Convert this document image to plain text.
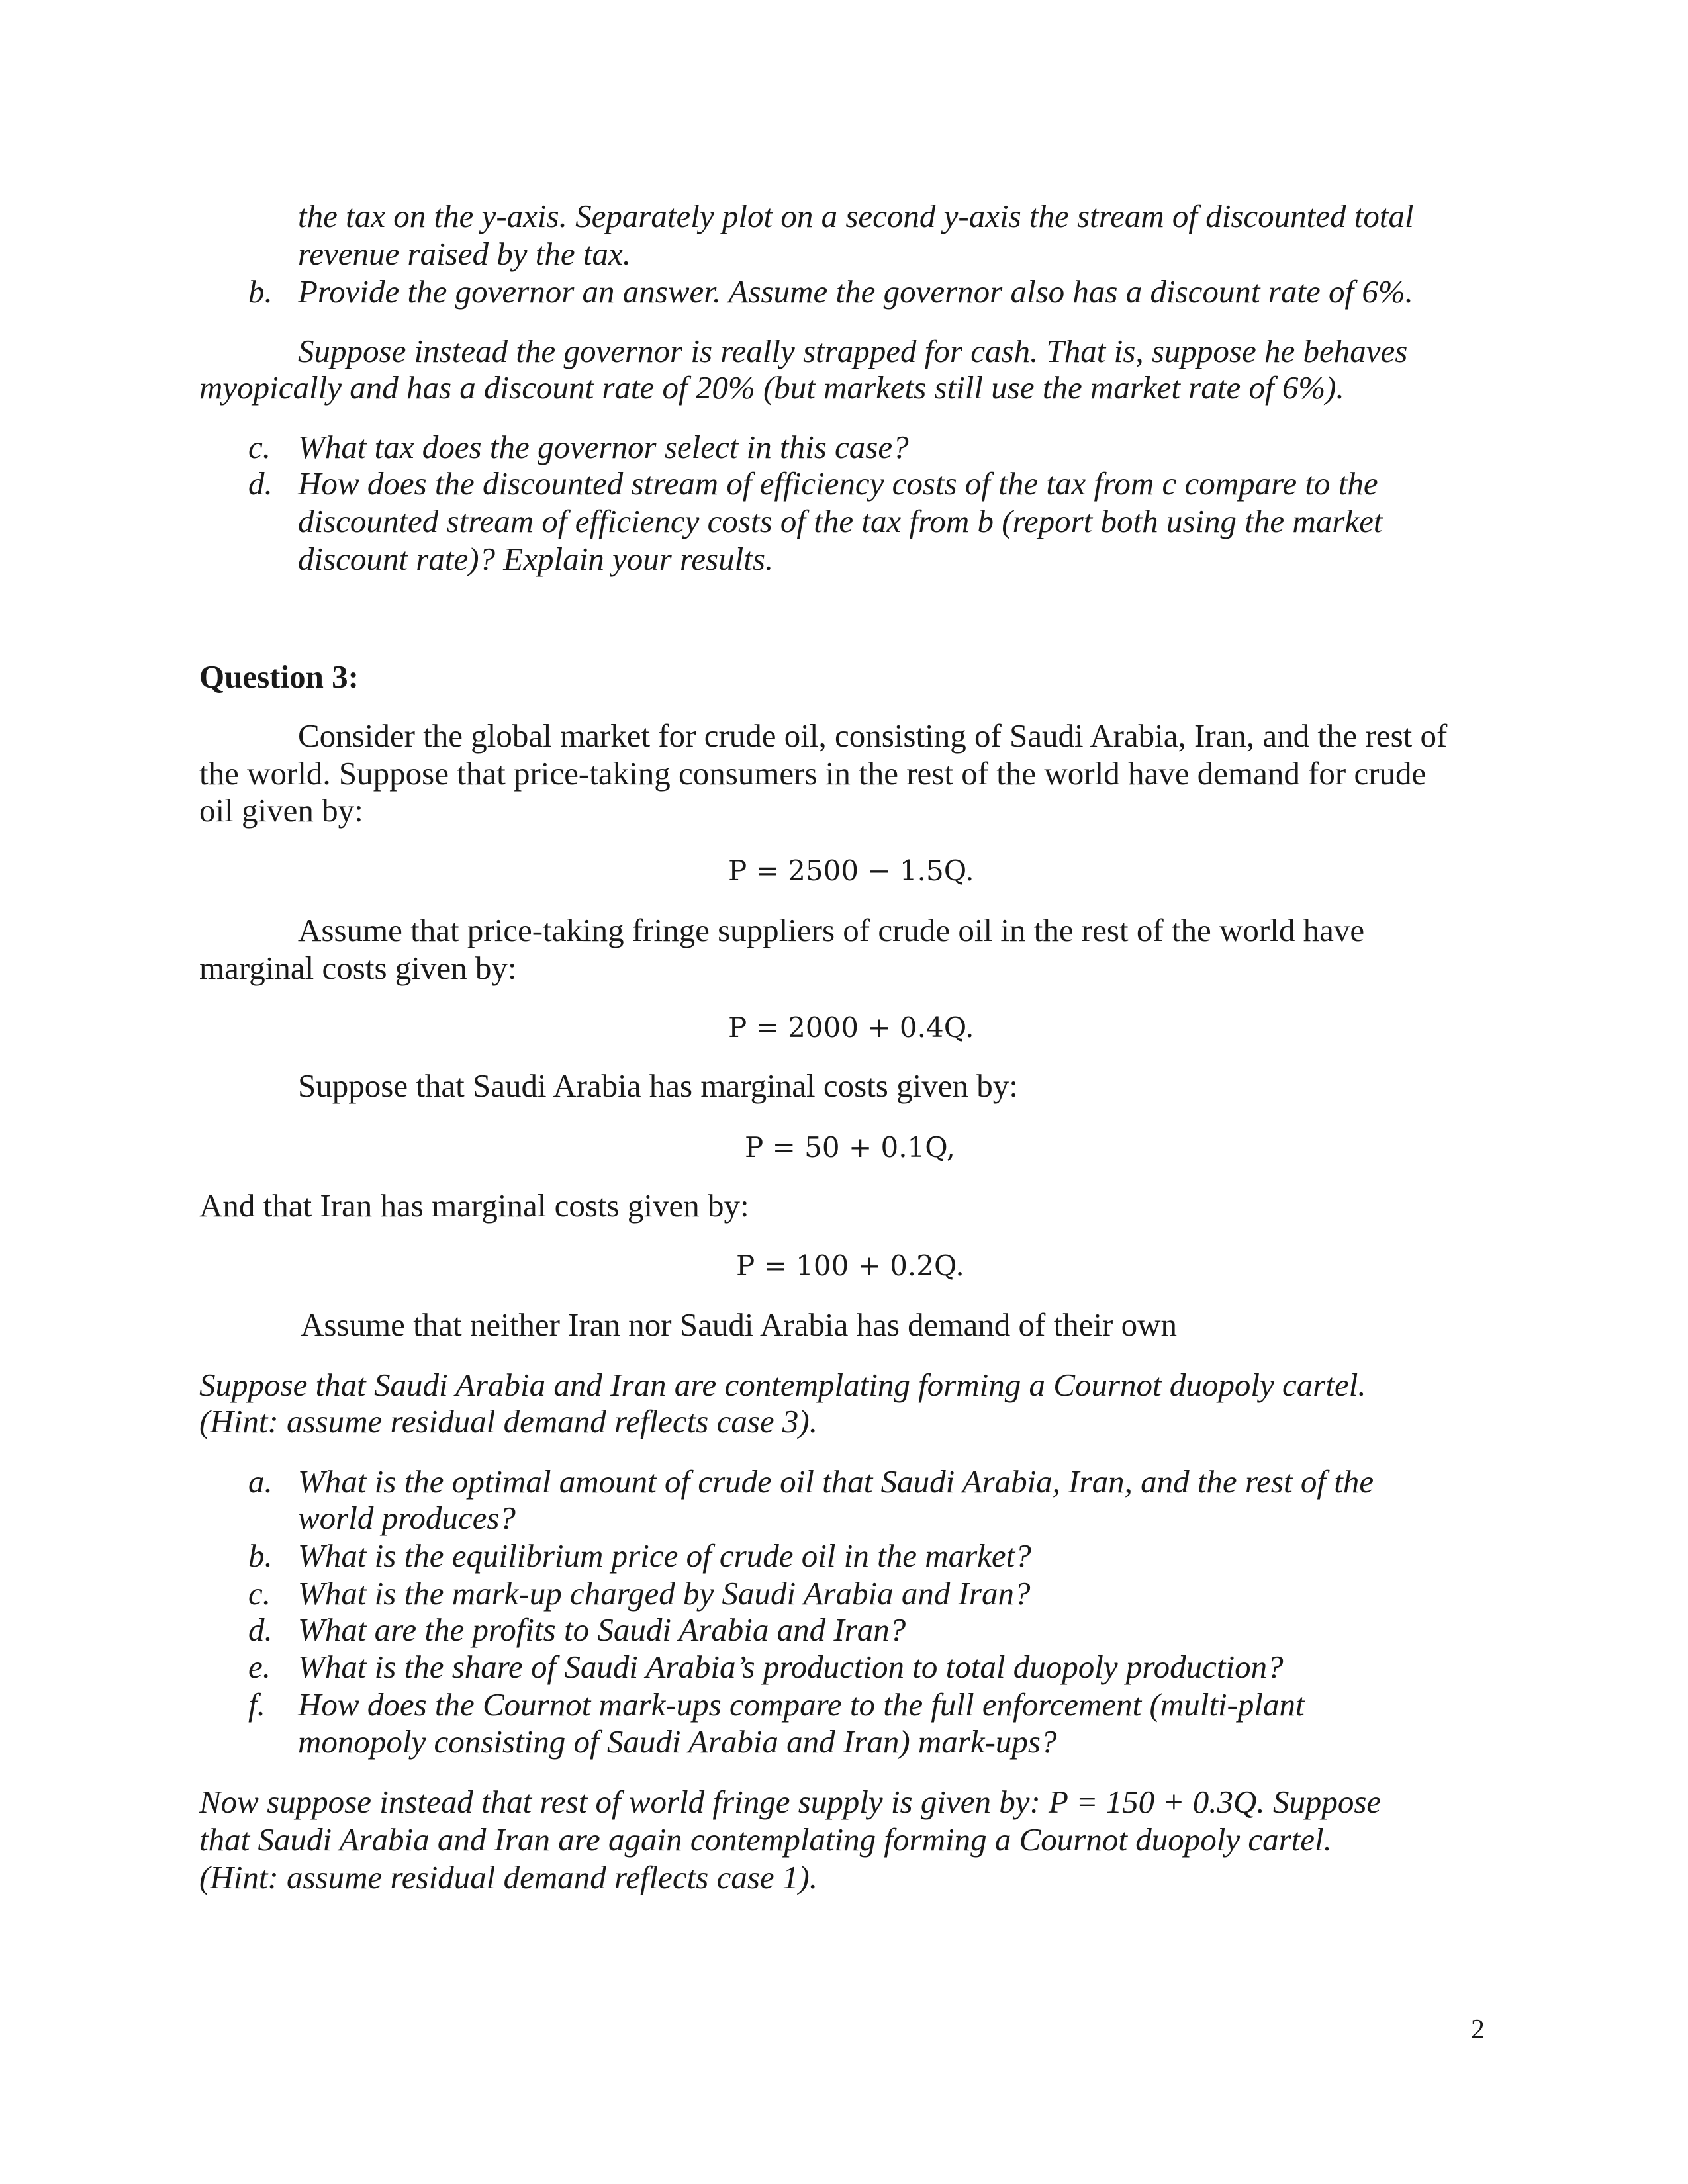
the tax on the y-axis. Separately plot on a second y-axis the stream of discounted total
revenue raised by the tax.
b. Provide the governor an answer. Assume the governor also has a discount rate of 6%.
Suppose instead the governor is really strapped for cash. That is, suppose he behaves
myopically and has a discount rate of 20% (but markets still use the market rate of 6%).
c. What tax does the governor select in this case?
d. How does the discounted stream of efficiency costs of the tax from c compare to the
discounted stream of efficiency costs of the tax from b (report both using the market
discount rate)? Explain your results.
Question 3:
Consider the global market for crude oil, consisting of Saudi Arabia, Iran, and the rest of
the world. Suppose that price-taking consumers in the rest of the world have demand for crude
oil given by:
P = 2500 − 1.5Q.
Assume that price-taking fringe suppliers of crude oil in the rest of the world have
marginal costs given by:
P = 2000 + 0.4Q.
Suppose that Saudi Arabia has marginal costs given by:
P = 50 + 0.1Q,
And that Iran has marginal costs given by:
P = 100 + 0.2Q.
Assume that neither Iran nor Saudi Arabia has demand of their own
Suppose that Saudi Arabia and Iran are contemplating forming a Cournot duopoly cartel.
(Hint: assume residual demand reflects case 3).
a. What is the optimal amount of crude oil that Saudi Arabia, Iran, and the rest of the
world produces?
b. What is the equilibrium price of crude oil in the market?
c. What is the mark-up charged by Saudi Arabia and Iran?
d. What are the profits to Saudi Arabia and Iran?
e. What is the share of Saudi Arabia’s production to total duopoly production?
f. How does the Cournot mark-ups compare to the full enforcement (multi-plant
monopoly consisting of Saudi Arabia and Iran) mark-ups?
Now suppose instead that rest of world fringe supply is given by: P = 150 + 0.3Q. Suppose
that Saudi Arabia and Iran are again contemplating forming a Cournot duopoly cartel.
(Hint: assume residual demand reflects case 1).
2
